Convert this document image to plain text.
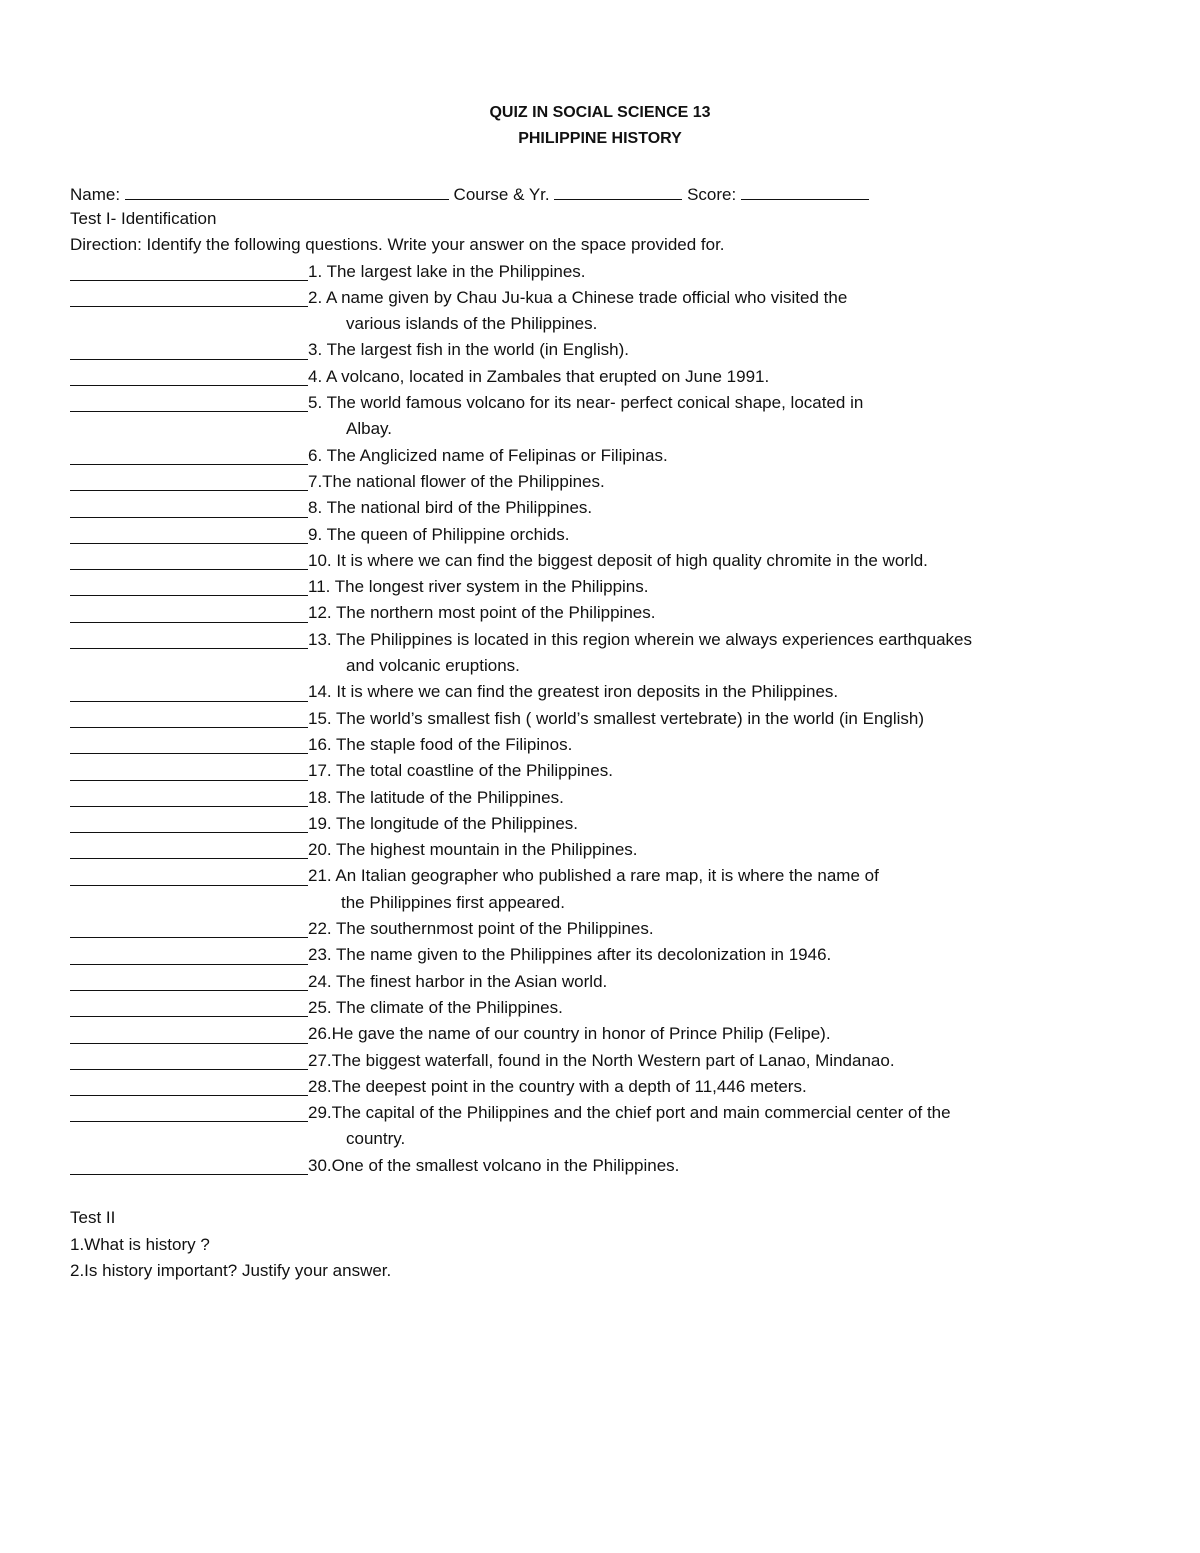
QUIZ IN SOCIAL SCIENCE 13
PHILIPPINE HISTORY
Name:	Course & Yr.	Score:
Test I- Identification
Direction: Identify the following questions. Write your answer on the space provided for.
1. The largest lake in the Philippines.
2. A name given by Chau Ju-kua a Chinese trade official who visited the
various islands of the Philippines.
3. The largest fish in the world (in English).
4. A volcano, located in Zambales that erupted on June 1991.
5. The world famous volcano for its near- perfect conical shape, located in
Albay.
6. The Anglicized name of Felipinas or Filipinas.
7.The national flower of the Philippines.
8. The national bird of the Philippines.
9. The queen of Philippine orchids.
10. It is where we can find the biggest deposit of high quality chromite in the world.
11. The longest river system in the Philippins.
12. The northern most point of the Philippines.
13. The Philippines is located in this region wherein we always experiences earthquakes
and volcanic eruptions.
14. It is where we can find the greatest iron deposits in the Philippines.
15. The world’s smallest fish ( world’s smallest vertebrate) in the world (in English)
16. The staple food of the Filipinos.
17. The total coastline of the Philippines.
18. The latitude of the Philippines.
19. The longitude of the Philippines.
20. The highest mountain in the Philippines.
21. An Italian geographer who published a rare map, it is where the name of
the Philippines first appeared.
22. The southernmost point of the Philippines.
23. The name given to the Philippines after its decolonization in 1946.
24. The finest harbor in the Asian world.
25. The climate of the Philippines.
26.He gave the name of our country in honor of Prince Philip (Felipe).
27.The biggest waterfall, found in the North Western part of Lanao, Mindanao.
28.The deepest point in the country with a depth of 11,446 meters.
29.The capital of the Philippines and the chief port and main commercial center of the
country.
30.One of the smallest volcano in the Philippines.
Test II
1.What is history ?
2.Is history important? Justify your answer.
